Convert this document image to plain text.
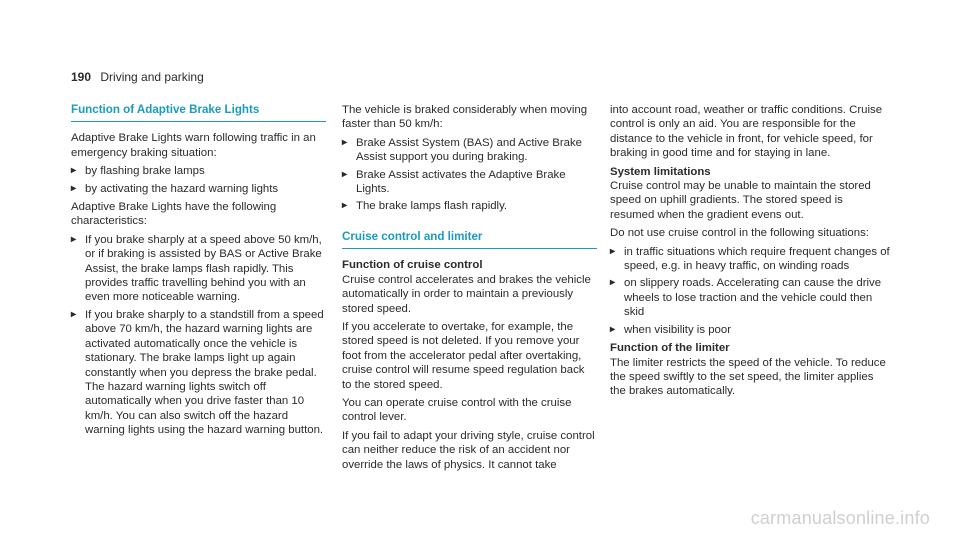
190 Driving and parking
Function of Adaptive Brake Lights

Adaptive Brake Lights warn following traffic in an emergency braking situation:

▸ by flashing brake lamps
▸ by activating the hazard warning lights

Adaptive Brake Lights have the following characteristics:

▸ If you brake sharply at a speed above 50 km/h, or if braking is assisted by BAS or Active Brake Assist, the brake lamps flash rapidly. This provides traffic travelling behind you with an even more noticeable warning.
▸ If you brake sharply to a standstill from a speed above 70 km/h, the hazard warning lights are activated automatically once the vehicle is stationary. The brake lamps light up again constantly when you depress the brake pedal. The hazard warning lights switch off automatically when you drive faster than 10 km/h. You can also switch off the hazard warning lights using the hazard warning button.

The vehicle is braked considerably when moving faster than 50 km/h:

▸ Brake Assist System (BAS) and Active Brake Assist support you during braking.
▸ Brake Assist activates the Adaptive Brake Lights.
▸ The brake lamps flash rapidly.
Cruise control and limiter

Function of cruise control

Cruise control accelerates and brakes the vehicle automatically in order to maintain a previously stored speed.

If you accelerate to overtake, for example, the stored speed is not deleted. If you remove your foot from the accelerator pedal after overtaking, cruise control will resume speed regulation back to the stored speed.

You can operate cruise control with the cruise control lever.

If you fail to adapt your driving style, cruise control can neither reduce the risk of an accident nor override the laws of physics. It cannot take

into account road, weather or traffic conditions. Cruise control is only an aid. You are responsible for the distance to the vehicle in front, for vehicle speed, for braking in good time and for staying in lane.

System limitations

Cruise control may be unable to maintain the stored speed on uphill gradients. The stored speed is resumed when the gradient evens out.

Do not use cruise control in the following situations:

▸ in traffic situations which require frequent changes of speed, e.g. in heavy traffic, on winding roads
▸ on slippery roads. Accelerating can cause the drive wheels to lose traction and the vehicle could then skid
▸ when visibility is poor

Function of the limiter

The limiter restricts the speed of the vehicle. To reduce the speed swiftly to the set speed, the limiter applies the brakes automatically.

carmanualsonline.info
